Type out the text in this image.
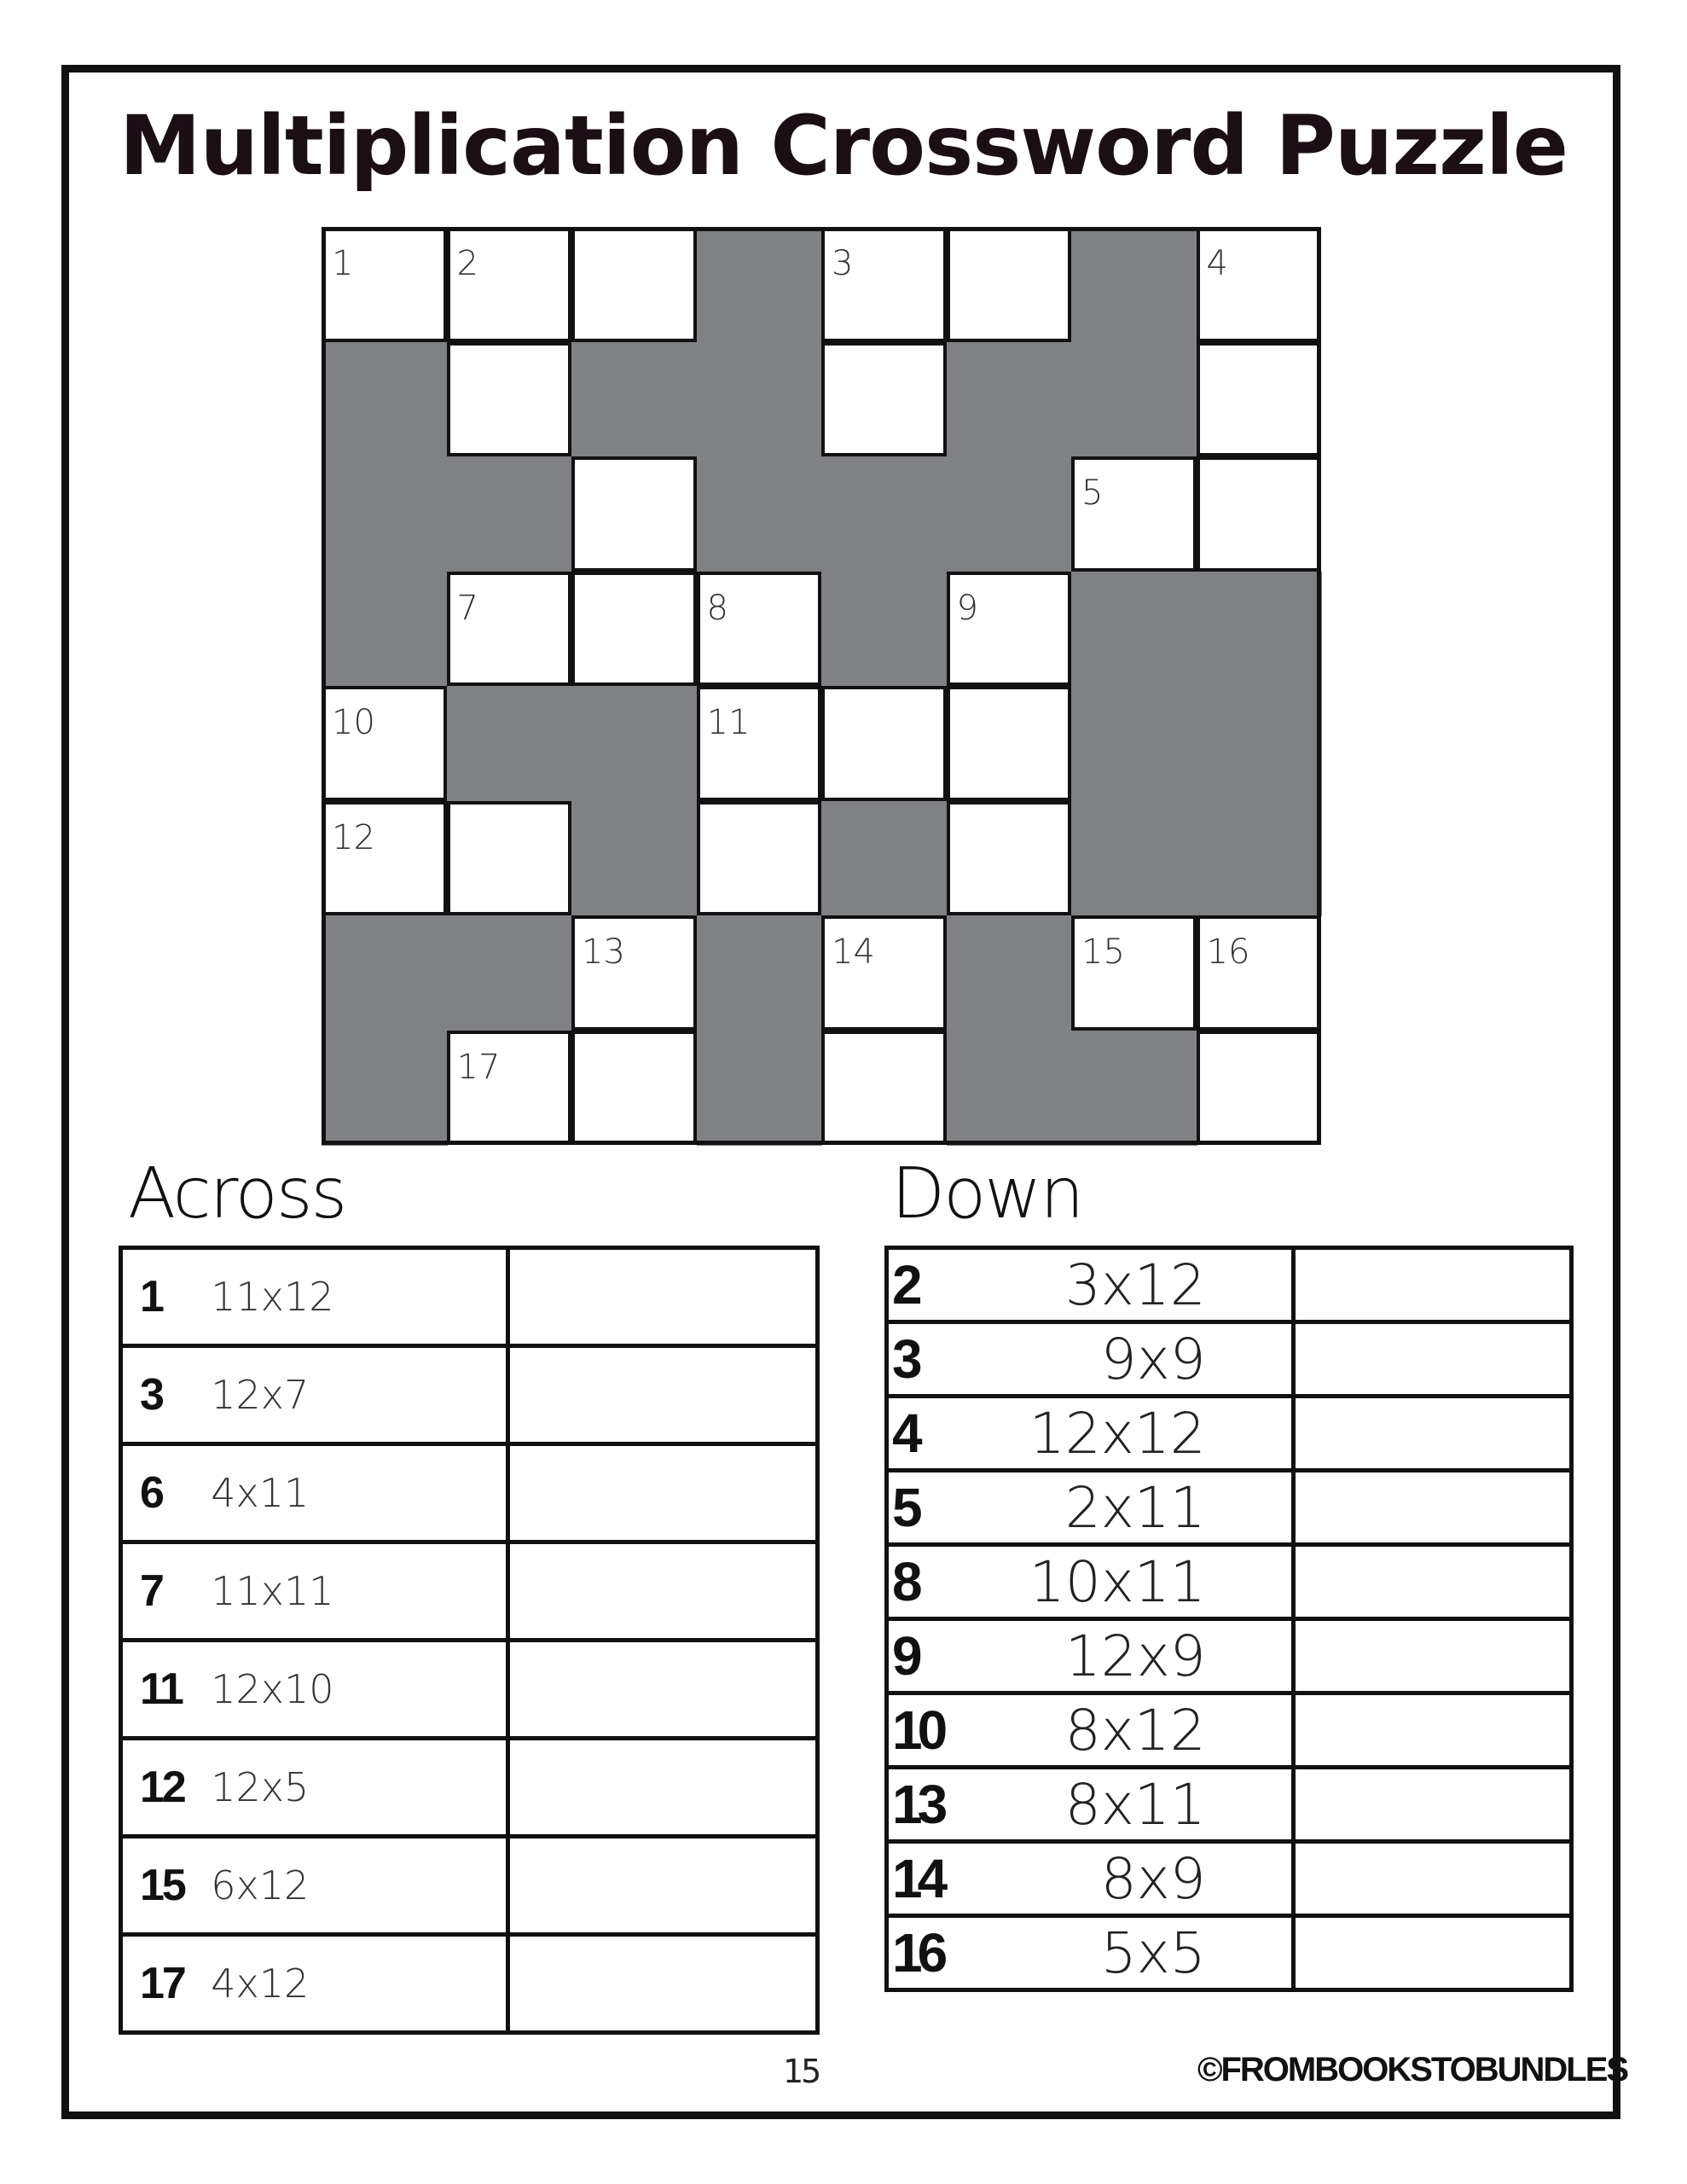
Multiplication Crossword Puzzle
1	2	3	4
5
7	8	9
10	11
12
13	14	15 16
17
Across	Down
1	11x12	
3	12x7	
6	4x11	
7	11x11	
11	12x10	
12	12x5	
15	6x12	
17	4x12	
2	3x12	
3	9x9	
4	12x12	
5	2x11	
8	10x11	
9	12x9	
10	8x12	
13	8x11	
14	8x9	
16	5x5	
15	©FROMBOOKSTOBUNDLES
